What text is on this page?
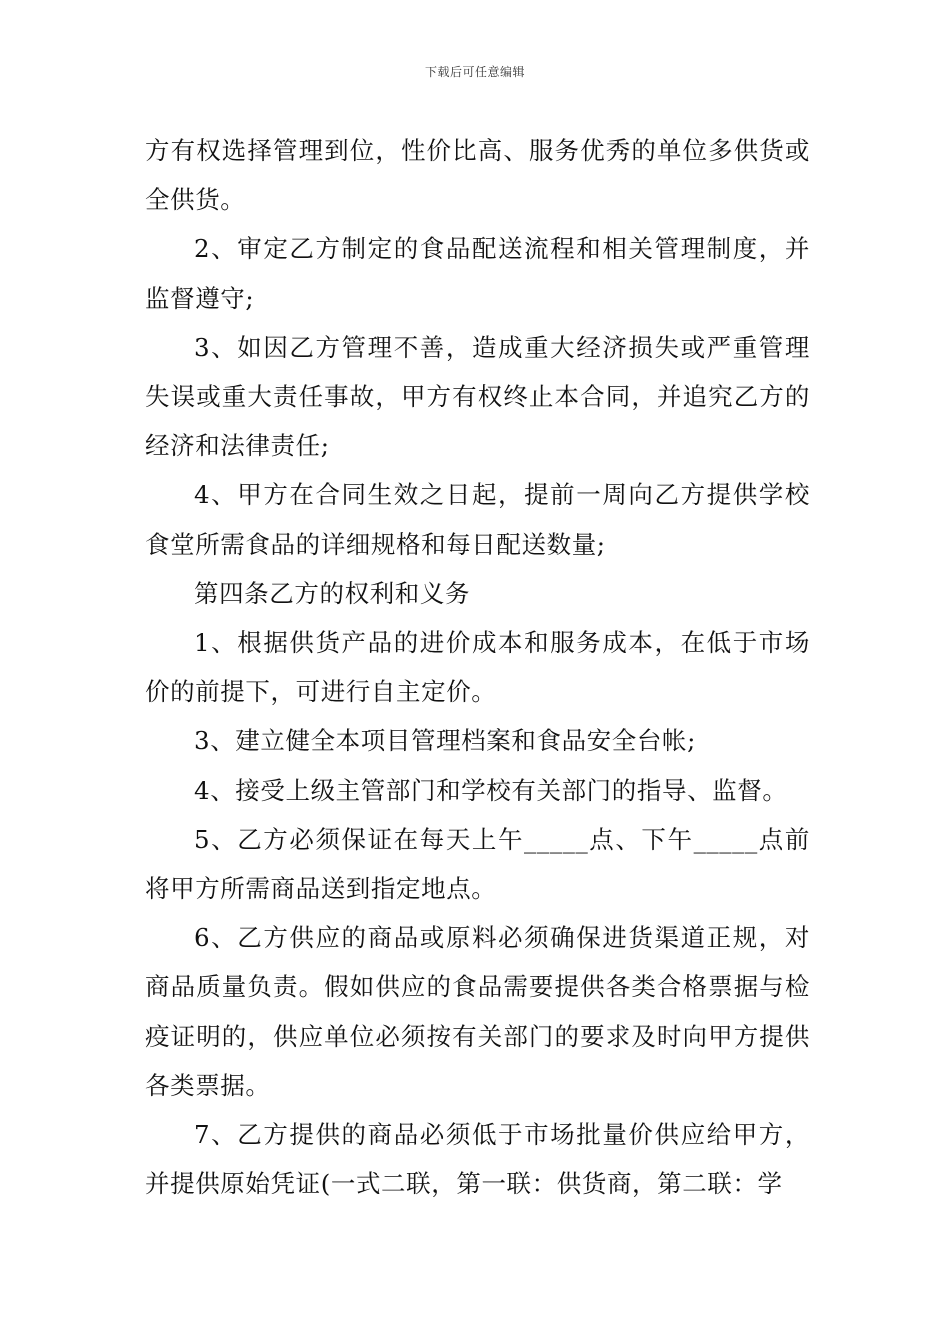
下载后可任意编辑

方有权选择管理到位，性价比高、服务优秀的单位多供货或全供货。

2、审定乙方制定的食品配送流程和相关管理制度，并监督遵守;

3、如因乙方管理不善，造成重大经济损失或严重管理失误或重大责任事故，甲方有权终止本合同，并追究乙方的经济和法律责任;

4、甲方在合同生效之日起，提前一周向乙方提供学校食堂所需食品的详细规格和每日配送数量;

第四条乙方的权利和义务

1、根据供货产品的进价成本和服务成本，在低于市场价的前提下，可进行自主定价。

3、建立健全本项目管理档案和食品安全台帐;

4、接受上级主管部门和学校有关部门的指导、监督。

5、乙方必须保证在每天上午_____点、下午_____点前将甲方所需商品送到指定地点。

6、乙方供应的商品或原料必须确保进货渠道正规，对商品质量负责。假如供应的食品需要提供各类合格票据与检疫证明的，供应单位必须按有关部门的要求及时向甲方提供各类票据。

7、乙方提供的商品必须低于市场批量价供应给甲方，并提供原始凭证(一式二联，第一联：供货商，第二联：学
